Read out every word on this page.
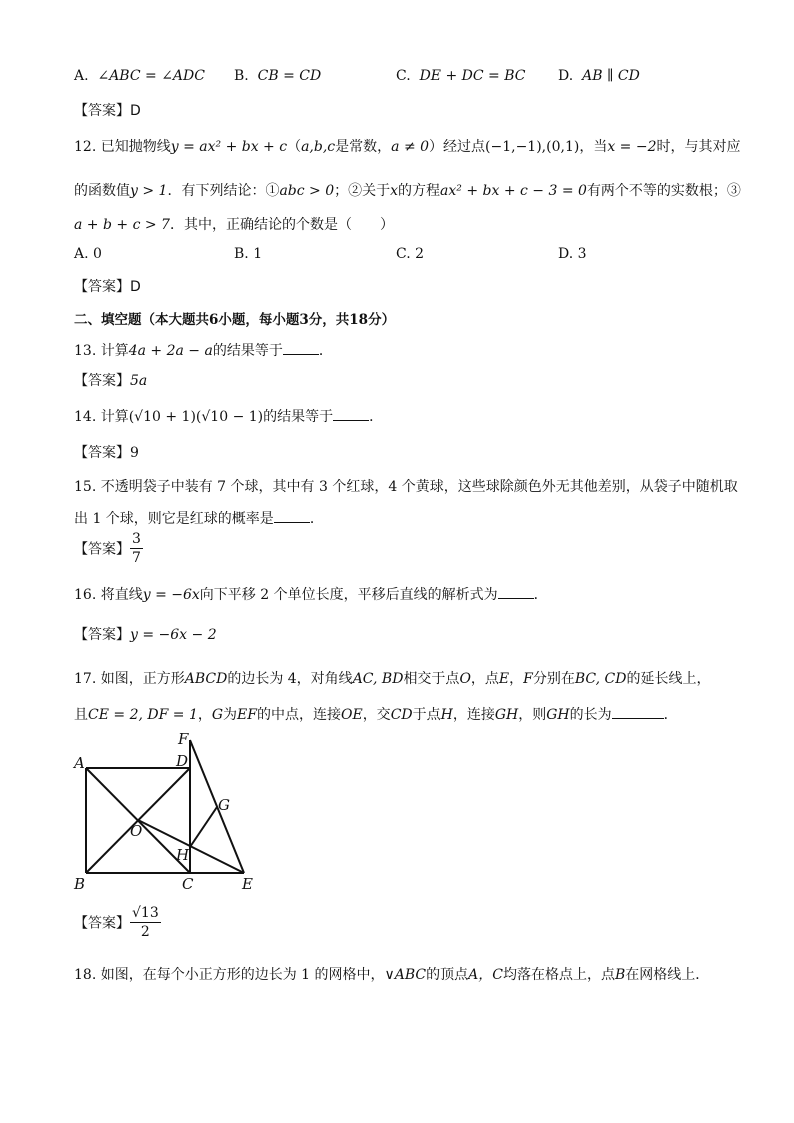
A. ∠ABC = ∠ADC B. CB = CD	C. DE + DC = BC D. AB ∥ CD
【答案】D
12. 已知抛物线y = ax² + bx + c（a,b,c是常数，a ≠ 0）经过点(−1,−1),(0,1)，当x = −2时，与其对应
的函数值y > 1．有下列结论：①abc > 0；②关于x的方程ax² + bx + c − 3 = 0有两个不等的实数根；③
a + b + c > 7．其中，正确结论的个数是（　　）
A. 0	B. 1	C. 2	D. 3
【答案】D
二、填空题（本大题共6小题，每小题3分，共18分）
13. 计算4a + 2a − a的结果等于	．
【答案】5a
14. 计算(√10 + 1)(√10 − 1)的结果等于	．
【答案】9
15. 不透明袋子中装有 7 个球，其中有 3 个红球，4 个黄球，这些球除颜色外无其他差别，从袋子中随机取
出 1 个球，则它是红球的概率是	．
【答案】 $\frac{3}{7}$
16. 将直线y = −6x向下平移 2 个单位长度，平移后直线的解析式为	．
【答案】y = −6x − 2
17. 如图，正方形ABCD的边长为 4，对角线AC, BD相交于点O，点E，F分别在BC, CD的延长线上，
且CE = 2, DF = 1，G为EF的中点，连接OE，交CD于点H，连接GH，则GH的长为	．
A
B	C
D
E
F
G
H
O
【答案】 $\frac{√13}{2}$
18. 如图，在每个小正方形的边长为 1 的网格中，∨ABC的顶点A，C均落在格点上，点B在网格线上．
